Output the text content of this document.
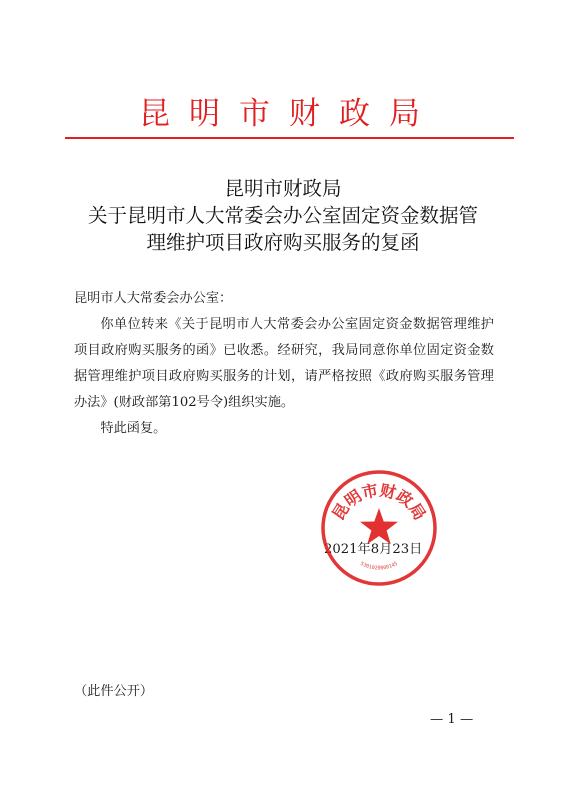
昆明市财政局
昆明市财政局
关于昆明市人大常委会办公室固定资金数据管
理维护项目政府购买服务的复函

昆明市人大常委会办公室：

你单位转来《关于昆明市人大常委会办公室固定资金数据管理维护项目政府购买服务的函》已收悉。经研究，我局同意你单位固定资金数据管理维护项目政府购买服务的计划，请严格按照《政府购买服务管理办法》(财政部第102号令)组织实施。

特此函复。

2021年8月23日
昆明市财政局
5301020000145
（此件公开）
— 1 —
